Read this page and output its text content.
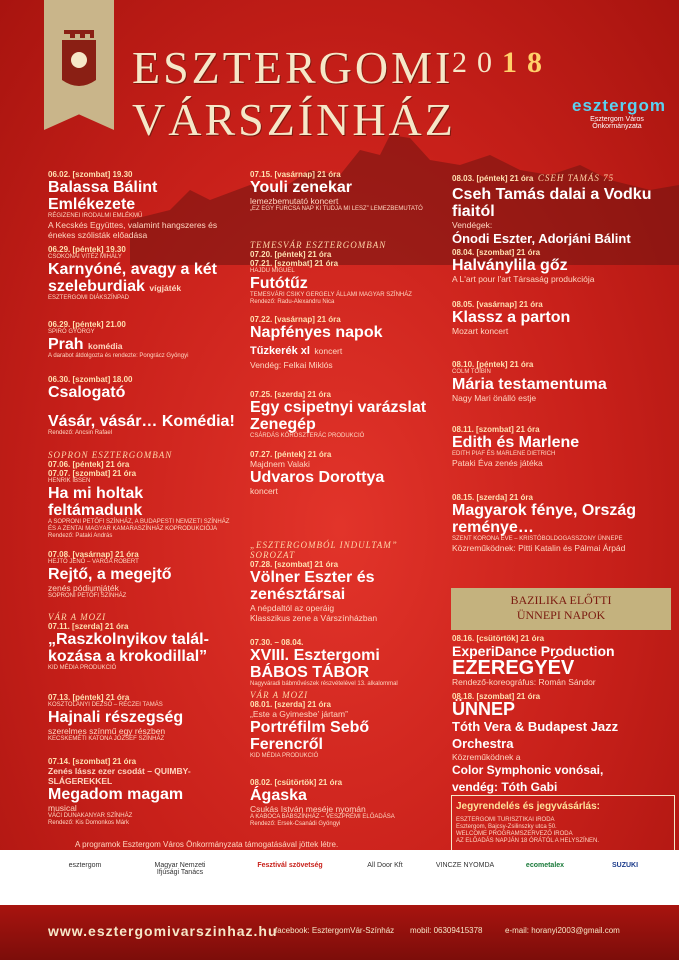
ESZTERGOMI
VÁRSZÍNHÁZ
2018
esztergom
Esztergom Város Önkormányzata
06.02. [szombat] 19.30
Balassa Bálint Emlékezete
RÉGIZENEI IRODALMI EMLÉKMŰ
A Kecskés Együttes, valamint hangszeres és énekes szólisták előadása
06.29. [péntek] 19.30
CSOKONAI VITÉZ MIHÁLY
Karnyóné, avagy a két szeleburdiak vígjáték
ESZTERGOMI DIÁKSZÍNPAD
06.29. [péntek] 21.00
SPIRÓ GYÖRGY
Prah komédia
A darabot átdolgozta és rendezte: Pongrácz Gyöngyi
06.30. [szombat] 18.00
Csalogató
Vásár, vásár… Komédia!
Rendező: Ancsin Rafael
SOPRON ESZTERGOMBAN
07.06. [péntek] 21 óra
07.07. [szombat] 21 óra
HENRIK IBSEN
Ha mi holtak feltámadunk
A SOPRONI PETŐFI SZÍNHÁZ, A BUDAPESTI NEMZETI SZÍNHÁZ ÉS A ZENTAI MAGYAR KAMARASZÍNHÁZ KOPRODUKCIÓJA
Rendező: Pataki András
07.08. [vasárnap] 21 óra
HEJTŐ JENŐ – VARGA ROBERT
Rejtő, a megejtő
zenés pódiumjáték
SOPRONI PETŐFI SZÍNHÁZ
VÁR A MOZI
07.11. [szerda] 21 óra
„Raszkolnyikov talál-kozása a krokodillal”
KID MÉDIA PRODUKCIÓ
07.13. [péntek] 21 óra
KOSZTOLÁNYI DEZSŐ – RÉCZEI TAMÁS
Hajnali részegség
szerelmes színmű egy részben
KECSKEMÉTI KATONA JÓZSEF SZÍNHÁZ
07.14. [szombat] 21 óra
Zenés lássz ezer csodát – QUIMBY-SLÁGEREKKEL
Megadom magam
musical
VÁCI DUNAKANYAR SZÍNHÁZ
Rendező: Kis Domonkos Márk
07.15. [vasárnap] 21 óra
Youli zenekar
lemezbemutató koncert
„EZ EGY FURCSA NAP KI TUDJA MI LESZ” LEMEZBEMUTATÓ
TEMESVÁR ESZTERGOMBAN
07.20. [péntek] 21 óra
07.21. [szombat] 21 óra
HAJDU MIGUEL
Futótűz
TEMESVÁRI CSIKY GERGELY ÁLLAMI MAGYAR SZÍNHÁZ
Rendező: Radu-Alexandru Nica
07.22. [vasárnap] 21 óra
Napfényes napok
Tűzkerék xl koncert
Vendég: Felkai Miklós
07.25. [szerda] 21 óra
Egy csipetnyi varázslat Zenegép
CSÁRDÁS KÖRÖSZTERÁC PRODUKCIÓ
07.27. [péntek] 21 óra
Majdnem Valaki
Udvaros Dorottya
koncert
„ESZTERGOMBÓL INDULTAM” SOROZAT
07.28. [szombat] 21 óra
Völner Eszter és zenésztársai
A népdaltól az operáig
Klasszikus zene a Várszínházban
07.30. – 08.04.
XVIII. Esztergomi BÁBOS TÁBOR
Nagyváradi bábművészek részvételével 13. alkalommal
VÁR A MOZI
08.01. [szerda] 21 óra
„Este a Gyimesbe’ jártam”
Portréfilm Sebő Ferencről
KID MÉDIA PRODUKCIÓ
08.02. [csütörtök] 21 óra
Ágaska
Csukás István meséje nyomán
A KABOCA BÁBSZÍNHÁZ – VESZPRÉMI ELŐADÁSA
Rendező: Ersek-Csanádi Gyöngyi
08.03. [péntek] 21 óra CSEH TAMÁS 75
Cseh Tamás dalai a Vodku fiaitól
Vendégek:
Ónodi Eszter, Adorjáni Bálint
08.04. [szombat] 21 óra
Halványlila gőz
A L'art pour l'art Társaság produkciója
08.05. [vasárnap] 21 óra
Klassz a parton
Mozart koncert
08.10. [péntek] 21 óra
COLM TÓIBÍN
Mária testamentuma
Nagy Mari önálló estje
08.11. [szombat] 21 óra
Edith és Marlene
EDITH PIAF ÉS MARLENE DIETRICH
Pataki Éva zenés játéka
08.15. [szerda] 21 óra
Magyarok fénye, Ország reménye…
SZENT KORONA ÉVE – KRISTÓBOLDOGASSZONY ÜNNEPE
Közreműködnek: Pitti Katalin és Pálmai Árpád
BAZILIKA ELŐTTI
ÜNNEPI NAPOK
08.16. [csütörtök] 21 óra
ExperiDance Production
EZEREGYÉV
Rendező-koreográfus: Román Sándor
08.18. [szombat] 21 óra
ÜNNEP
Tóth Vera & Budapest Jazz Orchestra
Közreműködnek a
Color Symphonic vonósai,
vendég: Tóth Gabi
Jegyrendelés és jegyvásárlás:
ESZTERGOMI TURISZTIKAI IRODA
Esztergom, Bajcsy-Zsilinszky utca 50.
WELCOME PROGRAMSZERVEZŐ IRODA
AZ ELŐADÁS NAPJÁN 18 ÓRÁTÓL A HELYSZÍNEN.
A programok Esztergom Város Önkormányzata támogatásával jöttek létre.
esztergom	Magyar Nemzeti Ifjúsági Tanács
Fesztivál szövetség	All Door Kft	VINCZE NYOMDA	ecometalex	SUZUKI
www.esztergomivarszinhaz.hu
facebook: EsztergomVár-Színház mobil: 06309415378	e-mail: horanyi2003@gmail.com
